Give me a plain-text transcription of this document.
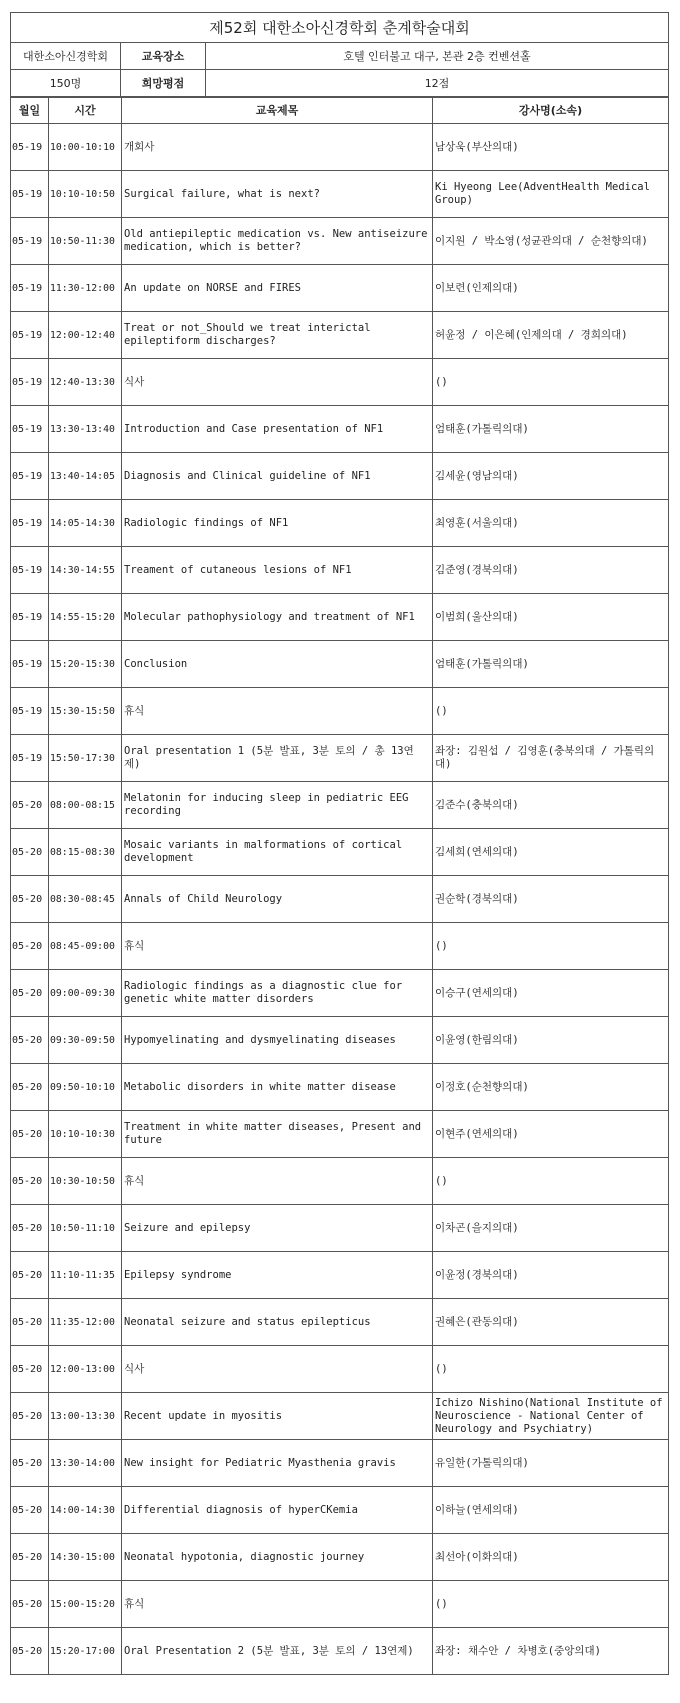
제52회 대한소아신경학회 춘계학술대회		
대한소아신경학회	교육장소	호텔 인터불고 대구, 본관 2층 컨벤션홀
150명	희망평점	12점
월일	시간	교육제목	강사명(소속)
05-19	10:00-10:10	개회사	남상욱(부산의대)
05-19	10:10-10:50	Surgical failure, what is next?	Ki Hyeong Lee(AdventHealth Medical Group)
05-19	10:50-11:30	Old antiepileptic medication vs. New antiseizure medication, which is better?	이지원 / 박소영(성균관의대 / 순천향의대)
05-19	11:30-12:00	An update on NORSE and FIRES	이보련(인제의대)
05-19	12:00-12:40	Treat or not_Should we treat interictal epileptiform discharges?	허윤정 / 이은혜(인제의대 / 경희의대)
05-19	12:40-13:30	식사	()
05-19	13:30-13:40	Introduction and Case presentation of NF1	엄태훈(가톨릭의대)
05-19	13:40-14:05	Diagnosis and Clinical guideline of NF1	김세윤(영남의대)
05-19	14:05-14:30	Radiologic findings of NF1	최영훈(서울의대)
05-19	14:30-14:55	Treament of cutaneous lesions of NF1	김준영(경북의대)
05-19	14:55-15:20	Molecular pathophysiology and treatment of NF1	이범희(울산의대)
05-19	15:20-15:30	Conclusion	엄태훈(가톨릭의대)
05-19	15:30-15:50	휴식	()
05-19	15:50-17:30	Oral presentation 1 (5분 발표, 3분 토의 / 총 13연제)	좌장: 김원섭 / 김영훈(충북의대 / 가톨릭의대)
05-20	08:00-08:15	Melatonin for inducing sleep in pediatric EEG recording	김준수(충북의대)
05-20	08:15-08:30	Mosaic variants in malformations of cortical development	김세희(연세의대)
05-20	08:30-08:45	Annals of Child Neurology	권순학(경북의대)
05-20	08:45-09:00	휴식	()
05-20	09:00-09:30	Radiologic findings as a diagnostic clue for genetic white matter disorders	이승구(연세의대)
05-20	09:30-09:50	Hypomyelinating and dysmyelinating diseases	이윤영(한림의대)
05-20	09:50-10:10	Metabolic disorders in white matter disease	이정호(순천향의대)
05-20	10:10-10:30	Treatment in white matter diseases, Present and future	이현주(연세의대)
05-20	10:30-10:50	휴식	()
05-20	10:50-11:10	Seizure and epilepsy	이차곤(을지의대)
05-20	11:10-11:35	Epilepsy syndrome	이윤정(경북의대)
05-20	11:35-12:00	Neonatal seizure and status epilepticus	권혜은(관동의대)
05-20	12:00-13:00	식사	()
05-20	13:00-13:30	Recent update in myositis	Ichizo Nishino(National Institute of Neuroscience - National Center of Neurology and Psychiatry)
05-20	13:30-14:00	New insight for Pediatric Myasthenia gravis	유일한(가톨릭의대)
05-20	14:00-14:30	Differential diagnosis of hyperCKemia	이하늘(연세의대)
05-20	14:30-15:00	Neonatal hypotonia, diagnostic journey	최선아(이화의대)
05-20	15:00-15:20	휴식	()
05-20	15:20-17:00	Oral Presentation 2 (5분 발표, 3분 토의 / 13연제)	좌장: 채수안 / 차병호(중앙의대)
